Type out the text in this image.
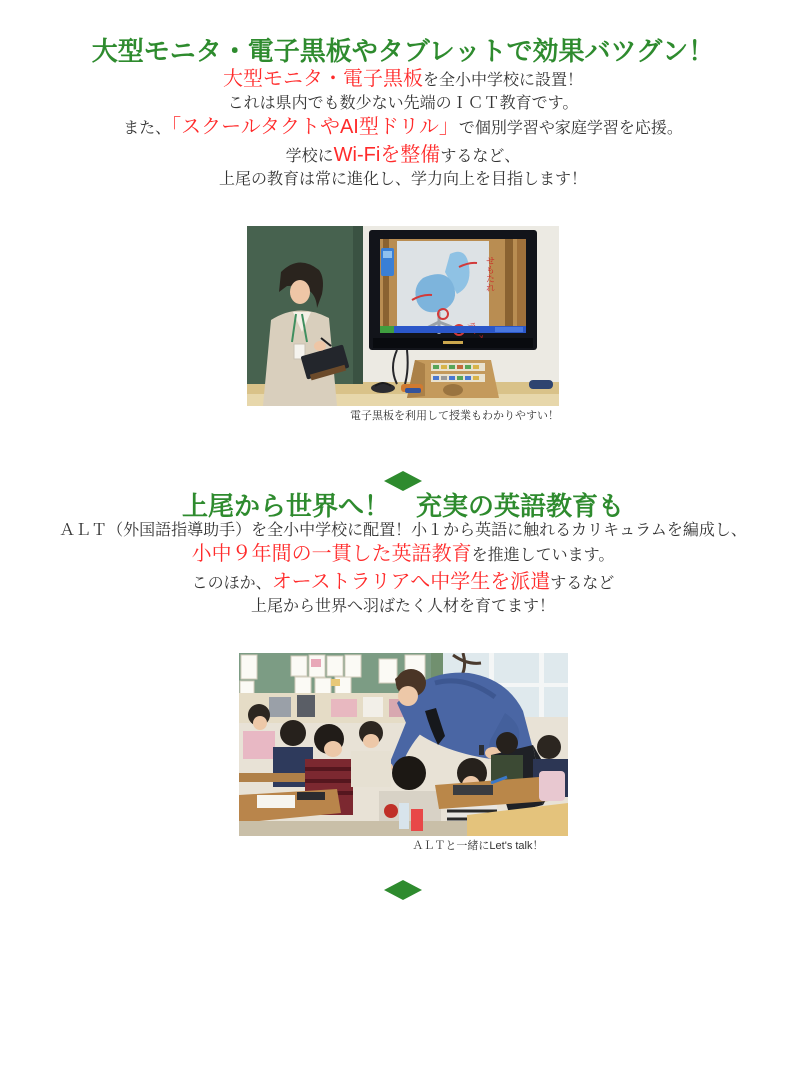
大型モニタ・電子黒板やタブレットで効果バツグン！

大型モニタ・電子黒板を全小中学校に設置！

これは県内でも数少ない先端のＩＣＴ教育です。

また、「スクールタクトやAI型ドリル」で個別学習や家庭学習を応援。

学校にWi-Fiを整備するなど、

上尾の教育は常に進化し、学力向上を目指します！

せもたれ
電子黒板を利用して授業もわかりやすい！
上尾から世界へ！　充実の英語教育も

ＡＬＴ（外国語指導助手）を全小中学校に配置！小１から英語に触れるカリキュラムを編成し、

小中９年間の一貫した英語教育を推進しています。

このほか、オーストラリアへ中学生を派遣するなど

上尾から世界へ羽ばたく人材を育てます！

ＡＬＴと一緒にLet's talk！
